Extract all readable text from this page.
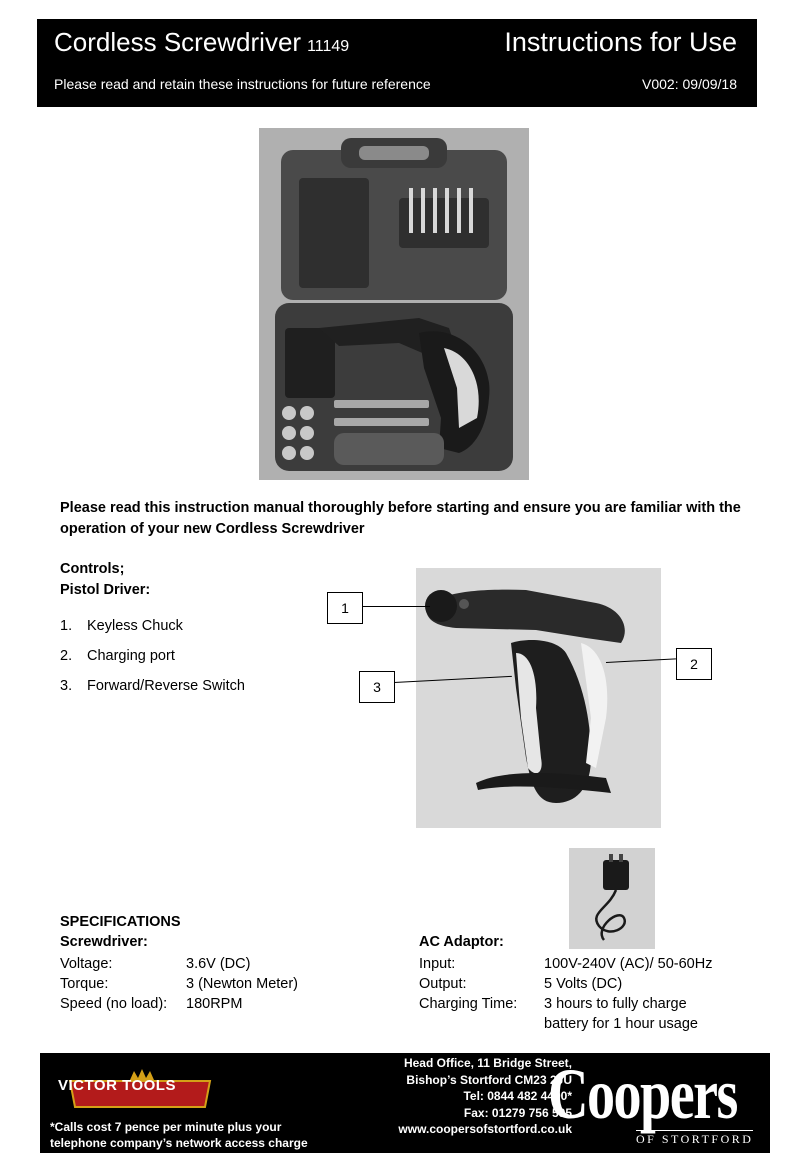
Cordless Screwdriver 11149	Instructions for Use
Please read and retain these instructions for future reference	V002: 09/09/18
Please read this instruction manual thoroughly before starting and ensure you are familiar with the operation of your new Cordless Screwdriver
Controls;
Pistol Driver:
1.	Keyless Chuck
2.	Charging port
3.	Forward/Reverse Switch
1
2
3
SPECIFICATIONS
Screwdriver:
Voltage:	3.6V (DC)
Torque:	3 (Newton Meter)
Speed (no load):	180RPM
AC Adaptor:
Input:	100V-240V (AC)/ 50-60Hz
Output:	5 Volts (DC)
Charging Time:	3 hours to fully charge battery for 1 hour usage
VICTOR TOOLS
*Calls cost 7 pence per minute plus your
telephone company’s network access charge
Head Office, 11 Bridge Street,
Bishop’s Stortford CM23 2JU
Tel: 0844 482 4400*
Fax: 01279 756 595
www.coopersofstortford.co.uk
Coopers
OF STORTFORD
